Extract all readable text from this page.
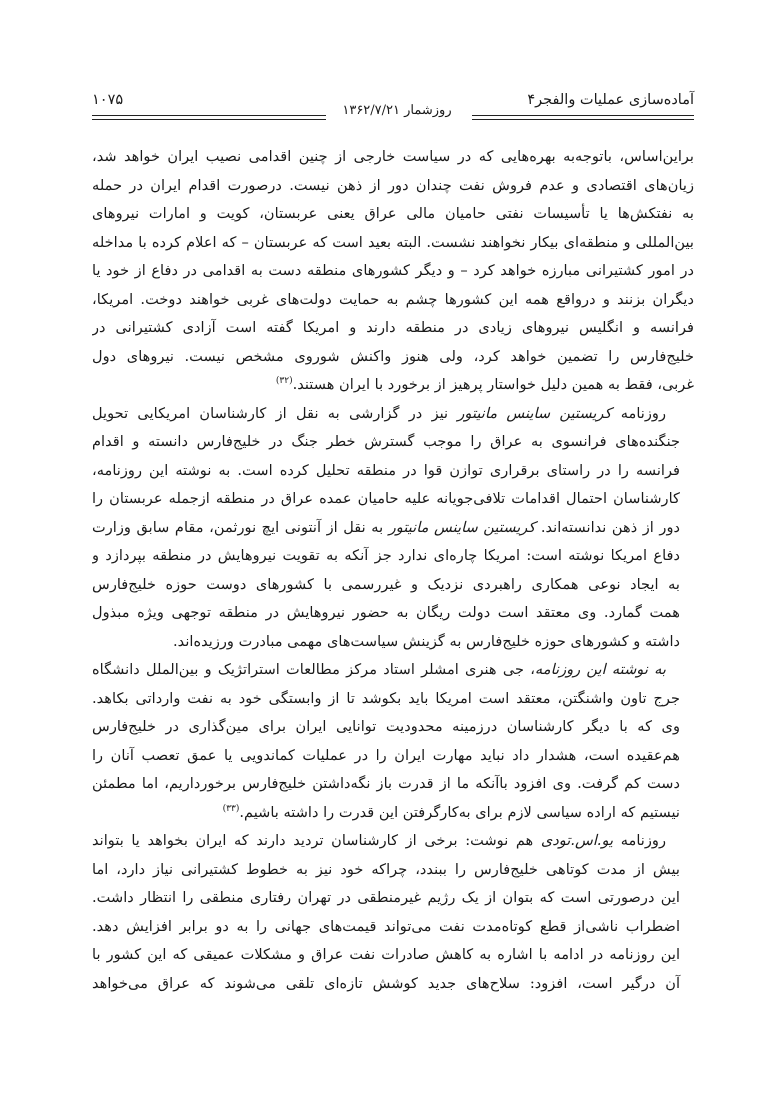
آماده‌سازی عملیات والفجر۴
روزشمار ۱۳۶۲/۷/۲۱
۱۰۷۵
براین‌اساس، باتوجه‌به بهره‌هایی که در سیاست خارجی از چنین اقدامی نصیب ایران خواهد شد،
زیان‌های اقتصادی و عدم فروش نفت چندان دور از ذهن نیست. درصورت اقدام ایران در حمله
به نفتکش‌ها یا تأسیسات نفتی حامیان مالی عراق یعنی عربستان، کویت و امارات نیروهای
بین‌المللی و منطقه‌ای بیکار نخواهند نشست. البته بعید است که عربستان – که اعلام کرده با مداخله
در امور کشتیرانی مبارزه خواهد کرد – و دیگر کشورهای منطقه دست به اقدامی در دفاع از خود یا
دیگران بزنند و درواقع همه این کشورها چشم به حمایت دولت‌های غربی خواهند دوخت. امریکا،
فرانسه و انگلیس نیروهای زیادی در منطقه دارند و امریکا گفته است آزادی کشتیرانی در
خلیج‌فارس را تضمین خواهد کرد، ولی هنوز واکنش شوروی مشخص نیست. نیروهای دول
غربی، فقط به همین دلیل خواستار پرهیز از برخورد با ایران هستند.$^{(۳۲)}$
روزنامه کریستین ساینس مانیتور نیز در گزارشی به نقل از کارشناسان امریکایی تحویل
جنگنده‌های فرانسوی به عراق را موجب گسترش خطر جنگ در خلیج‌فارس دانسته و اقدام
فرانسه را در راستای برقراری توازن قوا در منطقه تحلیل کرده است. به نوشته این روزنامه،
کارشناسان احتمال اقدامات تلافی‌جویانه علیه حامیان عمده عراق در منطقه ازجمله عربستان را
دور از ذهن ندانسته‌اند. کریستین ساینس مانیتور به نقل از آنتونی ایچ نورثمن، مقام سابق وزارت
دفاع امریکا نوشته است: امریکا چاره‌ای ندارد جز آنکه به تقویت نیروهایش در منطقه بپردازد و
به ایجاد نوعی همکاری راهبردی نزدیک و غیررسمی با کشورهای دوست حوزه خلیج‌فارس
همت گمارد. وی معتقد است دولت ریگان به حضور نیروهایش در منطقه توجهی ویژه مبذول
داشته و کشورهای حوزه خلیج‌فارس به گزینش سیاست‌های مهمی مبادرت ورزیده‌اند.
به نوشته این روزنامه، جی هنری امشلر استاد مرکز مطالعات استراتژیک و بین‌الملل دانشگاه
جرج تاون واشنگتن، معتقد است امریکا باید بکوشد تا از وابستگی خود به نفت وارداتی بکاهد.
وی که با دیگر کارشناسان درزمینه محدودیت توانایی ایران برای مین‌گذاری در خلیج‌فارس
هم‌عقیده است، هشدار داد نباید مهارت ایران را در عملیات کماندویی یا عمق تعصب آنان را
دست کم گرفت. وی افزود باآنکه ما از قدرت باز نگه‌داشتن خلیج‌فارس برخورداریم، اما مطمئن
نیستیم که اراده سیاسی لازم برای به‌کارگرفتن این قدرت را داشته باشیم.$^{(۳۳)}$
روزنامه یو.اس.تودی هم نوشت: برخی از کارشناسان تردید دارند که ایران بخواهد یا بتواند
بیش از مدت کوتاهی خلیج‌فارس را ببندد، چراکه خود نیز به خطوط کشتیرانی نیاز دارد، اما
این درصورتی است که بتوان از یک رژیم غیرمنطقی در تهران رفتاری منطقی را انتظار داشت.
اضطراب ناشی‌از قطع کوتاه‌مدت نفت می‌تواند قیمت‌های جهانی را به دو برابر افزایش دهد.
این روزنامه در ادامه با اشاره به کاهش صادرات نفت عراق و مشکلات عمیقی که این کشور با
آن درگیر است، افزود: سلاح‌های جدید کوشش تازه‌ای تلقی می‌شوند که عراق می‌خواهد
